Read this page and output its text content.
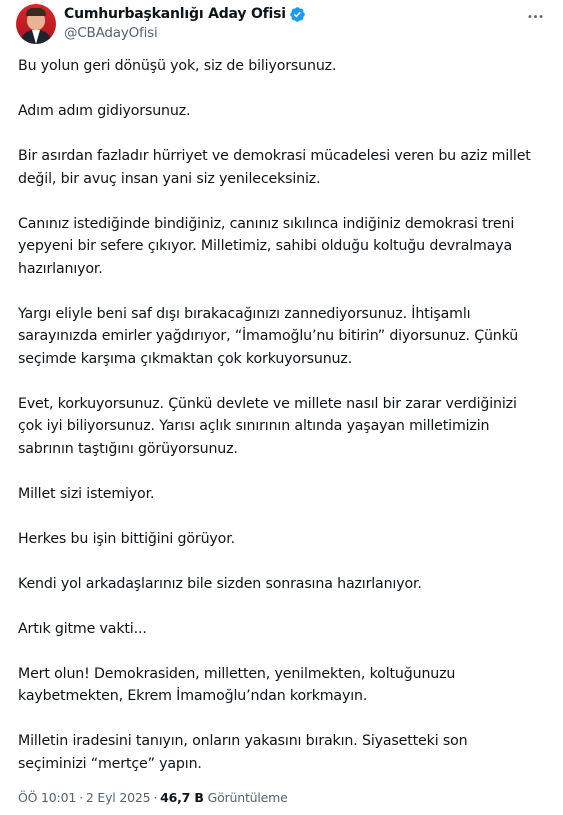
Cumhurbaşkanlığı Aday Ofisi
@CBAdayOfisi
Bu yolun geri dönüşü yok, siz de biliyorsunuz.
Adım adım gidiyorsunuz.
Bir asırdan fazladır hürriyet ve demokrasi mücadelesi veren bu aziz millet
değil, bir avuç insan yani siz yenileceksiniz.
Canınız istediğinde bindiğiniz, canınız sıkılınca indiğiniz demokrasi treni
yepyeni bir sefere çıkıyor. Milletimiz, sahibi olduğu koltuğu devralmaya
hazırlanıyor.
Yargı eliyle beni saf dışı bırakacağınızı zannediyorsunuz. İhtişamlı
sarayınızda emirler yağdırıyor, “İmamoğlu’nu bitirin” diyorsunuz. Çünkü
seçimde karşıma çıkmaktan çok korkuyorsunuz.
Evet, korkuyorsunuz. Çünkü devlete ve millete nasıl bir zarar verdiğinizi
çok iyi biliyorsunuz. Yarısı açlık sınırının altında yaşayan milletimizin
sabrının taştığını görüyorsunuz.
Millet sizi istemiyor.
Herkes bu işin bittiğini görüyor.
Kendi yol arkadaşlarınız bile sizden sonrasına hazırlanıyor.
Artık gitme vakti...
Mert olun! Demokrasiden, milletten, yenilmekten, koltuğunuzu
kaybetmekten, Ekrem İmamoğlu’ndan korkmayın.
Milletin iradesini tanıyın, onların yakasını bırakın. Siyasetteki son
seçiminizi “mertçe” yapın.
ÖÖ 10:01 · 2 Eyl 2025 · 46,7 B Görüntüleme
